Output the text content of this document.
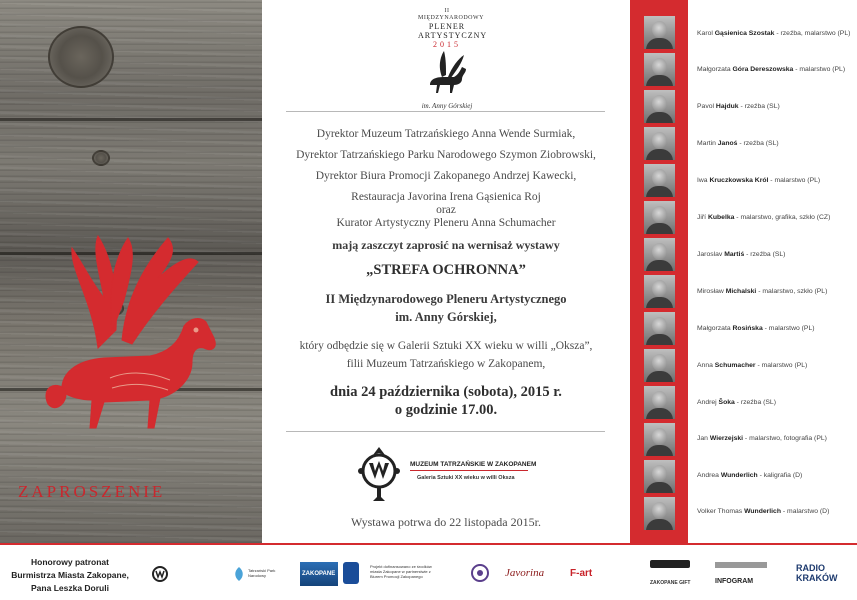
ZAPROSZENIE
II MIĘDZYNARODOWY
PLENER
ARTYSTYCZNY
2015
im. Anny Górskiej
Dyrektor Muzeum Tatrzańskiego Anna Wende Surmiak,
Dyrektor Tatrzańskiego Parku Narodowego Szymon Ziobrowski,
Dyrektor Biura Promocji Zakopanego Andrzej Kawecki,
Restauracja Javorina Irena Gąsienica Roj
oraz
Kurator Artystyczny Pleneru Anna Schumacher
mają zaszczyt zaprosić na wernisaż wystawy
„STREFA OCHRONNA”
II Międzynarodowego Pleneru Artystycznego
im. Anny Górskiej,
który odbędzie się w Galerii Sztuki XX wieku w willi „Oksza”,
filii Muzeum Tatrzańskiego w Zakopanem,
dnia 24 października (sobota), 2015 r.
o godzinie 17.00.
MUZEUM TATRZAŃSKIE W ZAKOPANEM
Galeria Sztuki XX wieku w willi Oksza
Wystawa potrwa do 22 listopada 2015r.
Karol Gąsienica Szostak - rzeźba, malarstwo (PL)
Małgorzata Góra Dereszowska - malarstwo (PL)
Pavol Hajduk - rzeźba (SL)
Martin Janoś - rzeźba (SL)
Iwa Kruczkowska Król - malarstwo (PL)
Jiří Kubelka - malarstwo, grafika, szkło (CZ)
Jaroslav Martiś - rzeźba (SL)
Mirosław Michalski - malarstwo, szkło (PL)
Małgorzata Rosińska - malarstwo (PL)
Anna Schumacher - malarstwo (PL)
Andrej Šoka - rzeźba (SL)
Jan Wierzejski - malarstwo, fotografia (PL)
Andrea Wunderlich - kaligrafia (D)
Volker Thomas Wunderlich - malarstwo (D)
Honorowy patronat
Burmistrza Miasta Zakopane,
Pana Leszka Doruli
Tatrzański Park Narodowy	ZAKOPANE
Projekt dofinansowano ze środków miasta Zakopane w partnerstwie z Biurem Promocji Zakopanego	Javorina	F-art
ZAKOPANE GIFT	INFOGRAM
RADIO KRAKÓW
